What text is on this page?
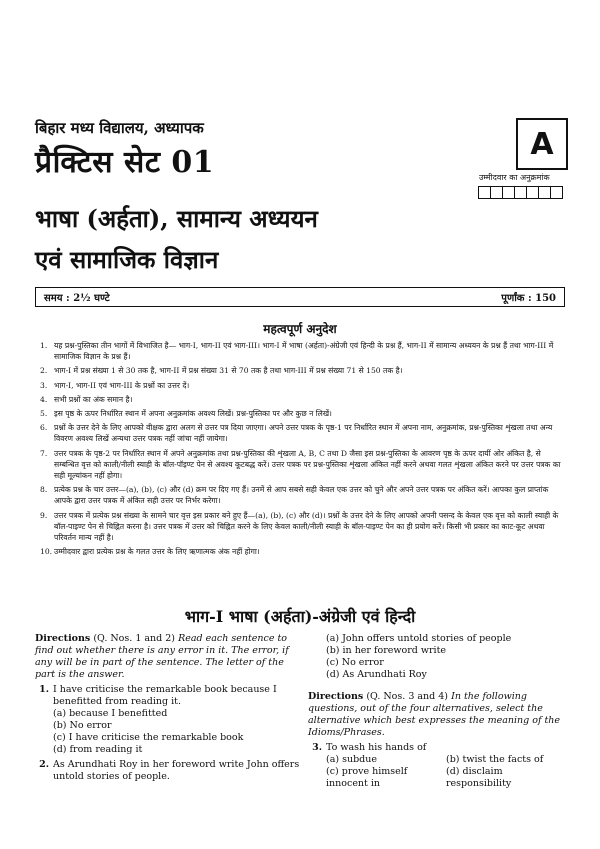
बिहार मध्य विद्यालय, अध्यापक
प्रैक्टिस सेट 01
भाषा (अर्हता), सामान्य अध्ययन
एवं सामाजिक विज्ञान
A
उम्मीदवार का अनुक्रमांक
समय : 2½ घण्टे	पूर्णांक : 150
महत्वपूर्ण अनुदेश
1. यह प्रश्न-पुस्तिका तीन भागों में विभाजित है— भाग-I, भाग-II एवं भाग-III। भाग-I में भाषा (अर्हता)-अंग्रेजी एवं हिन्दी के प्रश्न हैं, भाग-II में सामान्य अध्ययन के प्रश्न हैं तथा भाग-III में सामाजिक विज्ञान के प्रश्न हैं।
2. भाग-I में प्रश्न संख्या 1 से 30 तक है, भाग-II में प्रश्न संख्या 31 से 70 तक है तथा भाग-III में प्रश्न संख्या 71 से 150 तक है।
3. भाग-I, भाग-II एवं भाग-III के प्रश्नों का उत्तर दें।
4. सभी प्रश्नों का अंक समान है।
5. इस पृष्ठ के ऊपर निर्धारित स्थान में अपना अनुक्रमांक अवश्य लिखें। प्रश्न-पुस्तिका पर और कुछ न लिखें।
6. प्रश्नों के उत्तर देने के लिए आपको वीक्षक द्वारा अलग से उत्तर पत्र दिया जाएगा। अपने उत्तर पत्रक के पृष्ठ-1 पर निर्धारित स्थान में अपना नाम, अनुक्रमांक, प्रश्न-पुस्तिका शृंखला तथा अन्य विवरण अवश्य लिखें अन्यथा उत्तर पत्रक नहीं जांचा नहीं जायेगा।
7. उत्तर पत्रक के पृष्ठ-2 पर निर्धारित स्थान में अपने अनुक्रमांक तथा प्रश्न-पुस्तिका की शृंखला A, B, C तथा D जैसा इस प्रश्न-पुस्तिका के आवरण पृष्ठ के ऊपर दायीं ओर अंकित है, से सम्बन्धित वृत्त को काली/नीली स्याही के बॉल-पॉइण्ट पेन से अवश्य कूटबद्ध करें। उत्तर पत्रक पर प्रश्न-पुस्तिका शृंखला अंकित नहीं करने अथवा गलत शृंखला अंकित करने पर उत्तर पत्रक का सही मूल्यांकन नहीं होगा।
8. प्रत्येक प्रश्न के चार उत्तर—(a), (b), (c) और (d) क्रम पर दिए गए हैं। उनमें से आप सबसे सही केवल एक उत्तर को चुने और अपने उत्तर पत्रक पर अंकित करें। आपका कुल प्राप्तांक आपके द्वारा उत्तर पत्रक में अंकित सही उत्तर पर निर्भर करेगा।
9. उत्तर पत्रक में प्रत्येक प्रश्न संख्या के सामने चार वृत्त इस प्रकार बने हुए हैं—(a), (b), (c) और (d)। प्रश्नों के उत्तर देने के लिए आपको अपनी पसन्द के केवल एक वृत्त को काली स्याही के बॉल-पाइण्ट पेन से चिह्नित करना है। उत्तर पत्रक में उत्तर को चिह्नित करने के लिए केवल काली/नीली स्याही के बॉल-पाइण्ट पेन का ही प्रयोग करें। किसी भी प्रकार का काट-कूट अथवा परिवर्तन मान्य नहीं है।
10. उम्मीदवार द्वारा प्रत्येक प्रश्न के गलत उत्तर के लिए ऋणात्मक अंक नहीं होगा।
भाग-I भाषा (अर्हता)-अंग्रेजी एवं हिन्दी
Directions (Q. Nos. 1 and 2) Read each sentence to find out whether there is any error in it. The error, if any will be in part of the sentence. The letter of the part is the answer.
1. I have criticise the remarkable book because I benefitted from reading it.
(a) because I benefitted
(b) No error
(c) I have criticise the remarkable book
(d) from reading it
2. As Arundhati Roy in her foreword write John offers untold stories of people.
(a) John offers untold stories of people
(b) in her foreword write
(c) No error
(d) As Arundhati Roy
Directions (Q. Nos. 3 and 4) In the following questions, out of the four alternatives, select the alternative which best expresses the meaning of the Idioms/Phrases.
3. To wash his hands of
(a) subdue	(b) twist the facts of
(c) prove himself innocent in
(d) disclaim responsibility
